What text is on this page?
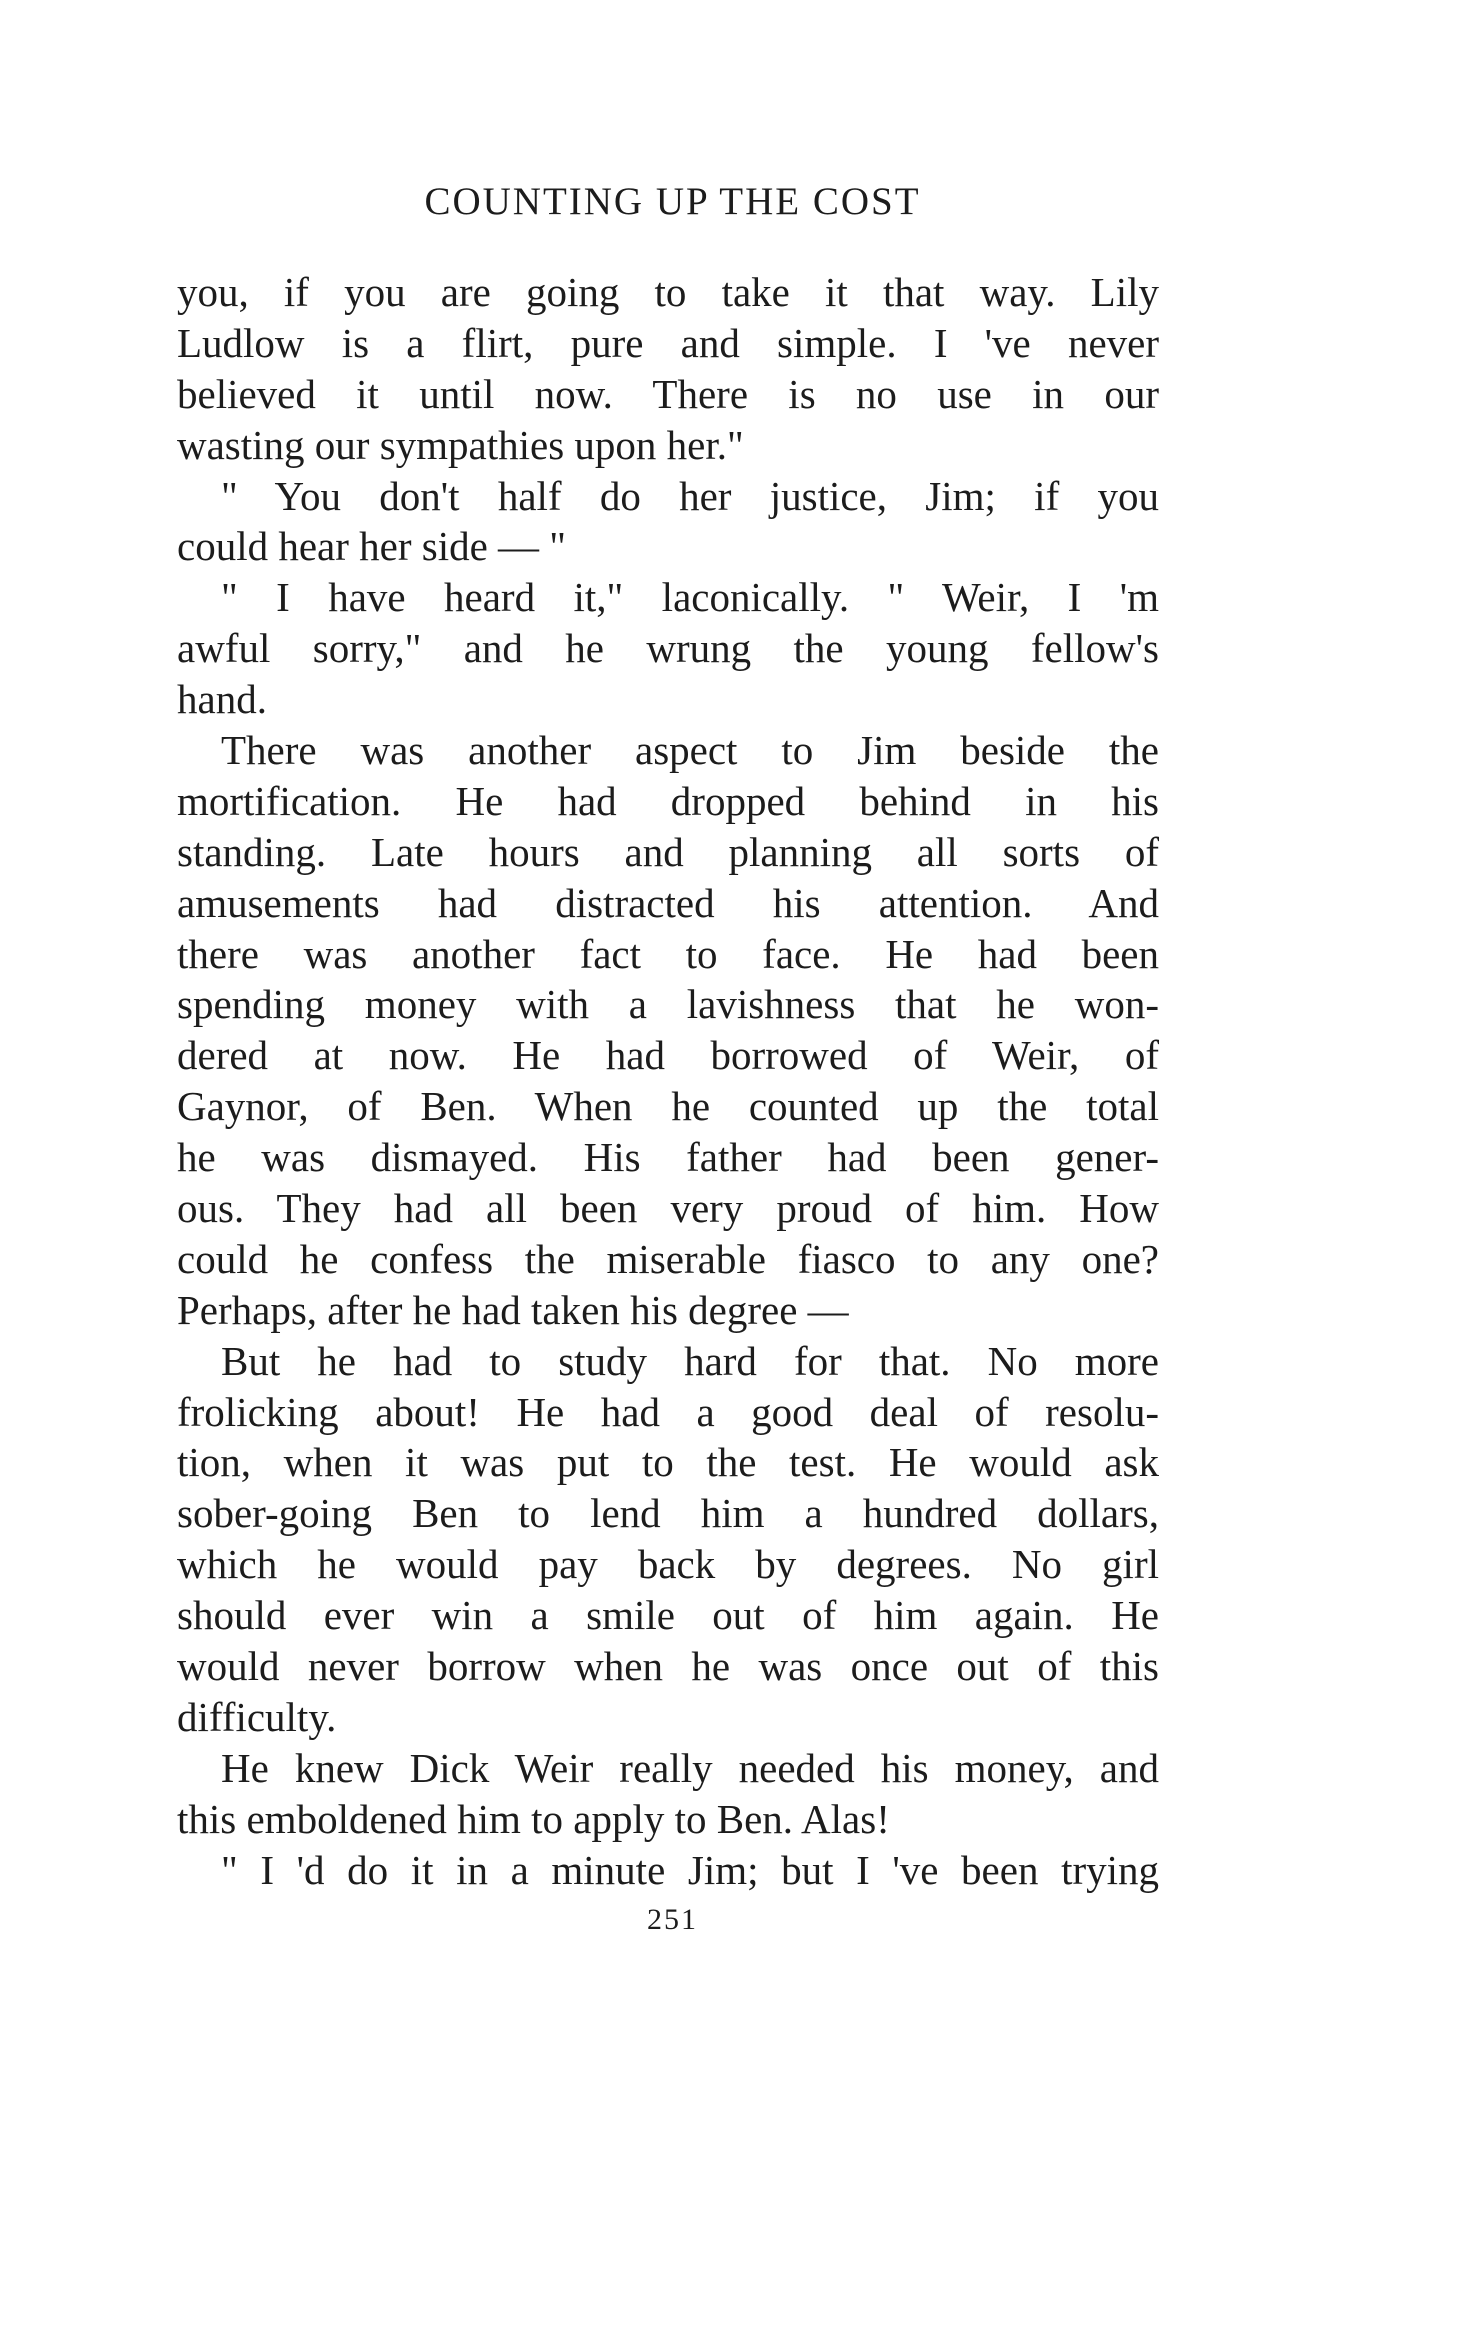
COUNTING UP THE COST
you, if you are going to take it that way. Lily
Ludlow is a flirt, pure and simple. I 've never
believed it until now. There is no use in our
wasting our sympathies upon her."
" You don't half do her justice, Jim; if you
could hear her side — "
" I have heard it," laconically. " Weir, I 'm
awful sorry," and he wrung the young fellow's
hand.
There was another aspect to Jim beside the
mortification. He had dropped behind in his
standing. Late hours and planning all sorts of
amusements had distracted his attention. And
there was another fact to face. He had been
spending money with a lavishness that he won-
dered at now. He had borrowed of Weir, of
Gaynor, of Ben. When he counted up the total
he was dismayed. His father had been gener-
ous. They had all been very proud of him. How
could he confess the miserable fiasco to any one?
Perhaps, after he had taken his degree —
But he had to study hard for that. No more
frolicking about! He had a good deal of resolu-
tion, when it was put to the test. He would ask
sober-going Ben to lend him a hundred dollars,
which he would pay back by degrees. No girl
should ever win a smile out of him again. He
would never borrow when he was once out of this
difficulty.
He knew Dick Weir really needed his money, and
this emboldened him to apply to Ben. Alas!
" I 'd do it in a minute Jim; but I 've been trying
251
